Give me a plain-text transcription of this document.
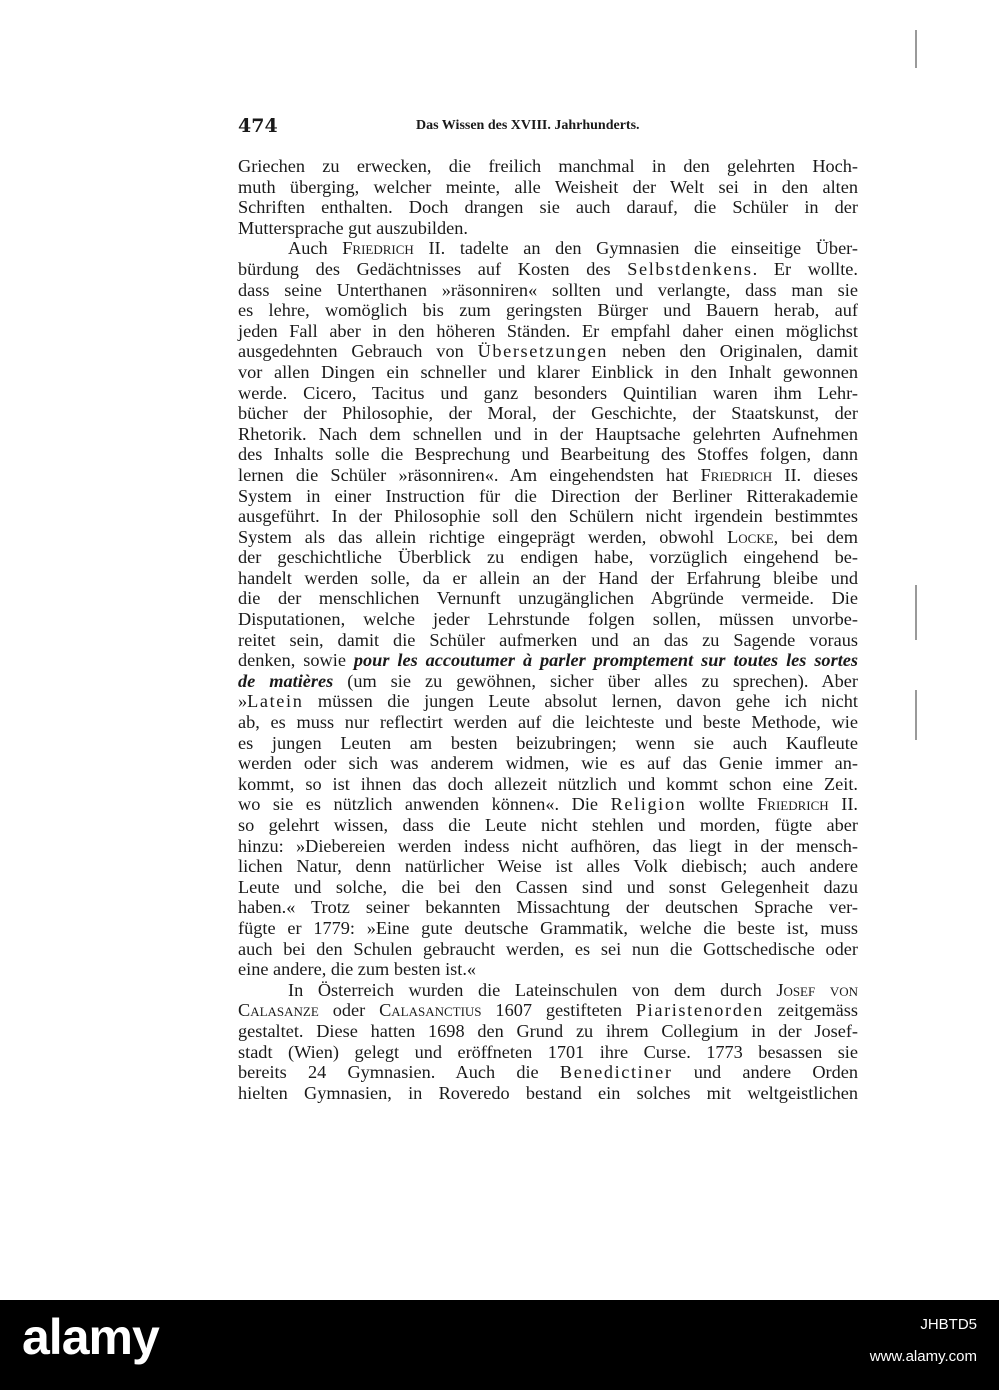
474	Das Wissen des XVIII. Jahrhunderts.
Griechen zu erwecken, die freilich manchmal in den gelehrten Hoch-
muth überging, welcher meinte, alle Weisheit der Welt sei in den alten
Schriften enthalten. Doch drangen sie auch darauf, die Schüler in der
Muttersprache gut auszubilden.
Auch Friedrich II. tadelte an den Gymnasien die einseitige Über-
bürdung des Gedächtnisses auf Kosten des Selbstdenkens. Er wollte.
dass seine Unterthanen »räsonniren« sollten und verlangte, dass man sie
es lehre, womöglich bis zum geringsten Bürger und Bauern herab, auf
jeden Fall aber in den höheren Ständen. Er empfahl daher einen möglichst
ausgedehnten Gebrauch von Übersetzungen neben den Originalen, damit
vor allen Dingen ein schneller und klarer Einblick in den Inhalt gewonnen
werde. Cicero, Tacitus und ganz besonders Quintilian waren ihm Lehr-
bücher der Philosophie, der Moral, der Geschichte, der Staatskunst, der
Rhetorik. Nach dem schnellen und in der Hauptsache gelehrten Aufnehmen
des Inhalts solle die Besprechung und Bearbeitung des Stoffes folgen, dann
lernen die Schüler »räsonniren«. Am eingehendsten hat Friedrich II. dieses
System in einer Instruction für die Direction der Berliner Ritterakademie
ausgeführt. In der Philosophie soll den Schülern nicht irgendein bestimmtes
System als das allein richtige eingeprägt werden, obwohl Locke, bei dem
der geschichtliche Überblick zu endigen habe, vorzüglich eingehend be-
handelt werden solle, da er allein an der Hand der Erfahrung bleibe und
die der menschlichen Vernunft unzugänglichen Abgründe vermeide. Die
Disputationen, welche jeder Lehrstunde folgen sollen, müssen unvorbe-
reitet sein, damit die Schüler aufmerken und an das zu Sagende voraus
denken, sowie pour les accoutumer à parler promptement sur toutes les sortes
de matières (um sie zu gewöhnen, sicher über alles zu sprechen). Aber
»Latein müssen die jungen Leute absolut lernen, davon gehe ich nicht
ab, es muss nur reflectirt werden auf die leichteste und beste Methode, wie
es jungen Leuten am besten beizubringen; wenn sie auch Kaufleute
werden oder sich was anderem widmen, wie es auf das Genie immer an-
kommt, so ist ihnen das doch allezeit nützlich und kommt schon eine Zeit.
wo sie es nützlich anwenden können«. Die Religion wollte Friedrich II.
so gelehrt wissen, dass die Leute nicht stehlen und morden, fügte aber
hinzu: »Diebereien werden indess nicht aufhören, das liegt in der mensch-
lichen Natur, denn natürlicher Weise ist alles Volk diebisch; auch andere
Leute und solche, die bei den Cassen sind und sonst Gelegenheit dazu
haben.« Trotz seiner bekannten Missachtung der deutschen Sprache ver-
fügte er 1779: »Eine gute deutsche Grammatik, welche die beste ist, muss
auch bei den Schulen gebraucht werden, es sei nun die Gottschedische oder
eine andere, die zum besten ist.«
In Österreich wurden die Lateinschulen von dem durch Josef von
Calasanze oder Calasanctius 1607 gestifteten Piaristenorden zeitgemäss
gestaltet. Diese hatten 1698 den Grund zu ihrem Collegium in der Josef-
stadt (Wien) gelegt und eröffneten 1701 ihre Curse. 1773 besassen sie
bereits 24 Gymnasien. Auch die Benedictiner und andere Orden
hielten Gymnasien, in Roveredo bestand ein solches mit weltgeistlichen
alamy	JHBTD5
www.alamy.com
